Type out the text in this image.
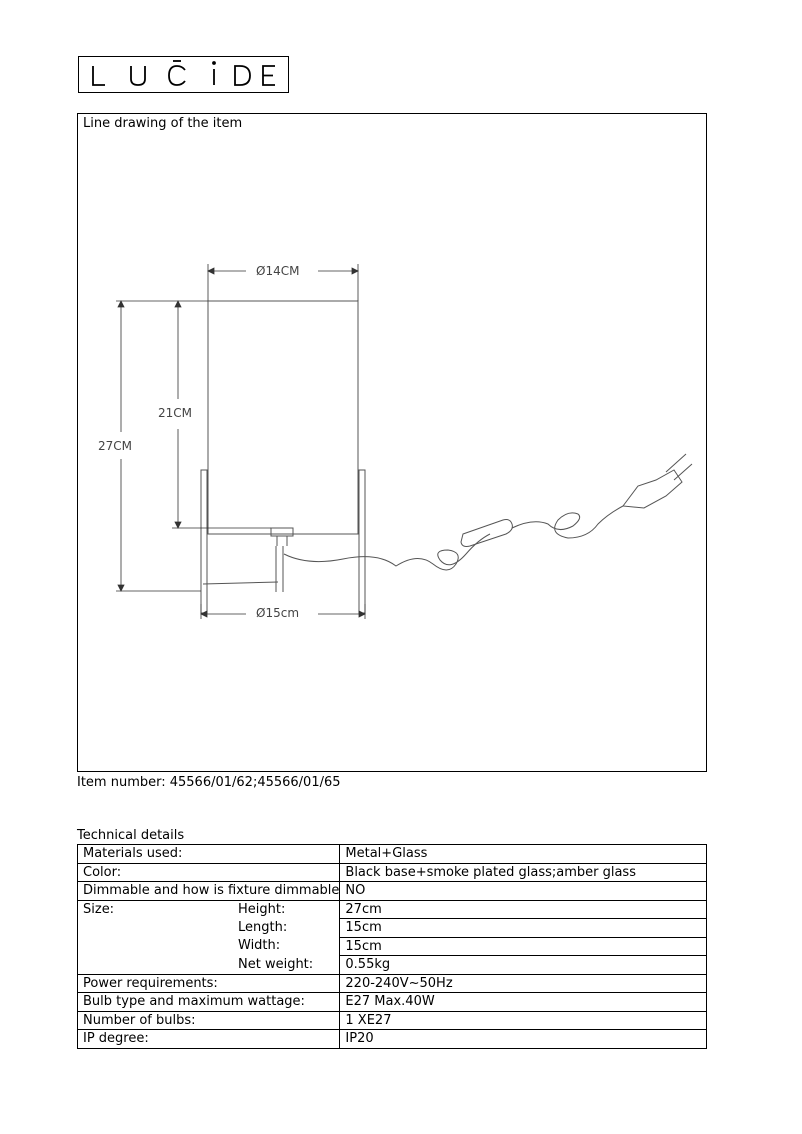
Line drawing of the item
Ø14CM
Ø15cm
21CM
27CM
Item number: 45566/01/62;45566/01/65
Technical details
Materials used:	Metal+Glass
Color:	Black base+smoke plated glass;amber glass
Dimmable and how is fixture dimmable	NO
Size: Height:	27cm

Length:	15cm

Width:	15cm

Net weight:	0.55kg
Power requirements:	220-240V~50Hz
Bulb type and maximum wattage:	E27 Max.40W
Number of bulbs:	1 XE27
IP degree:	IP20
